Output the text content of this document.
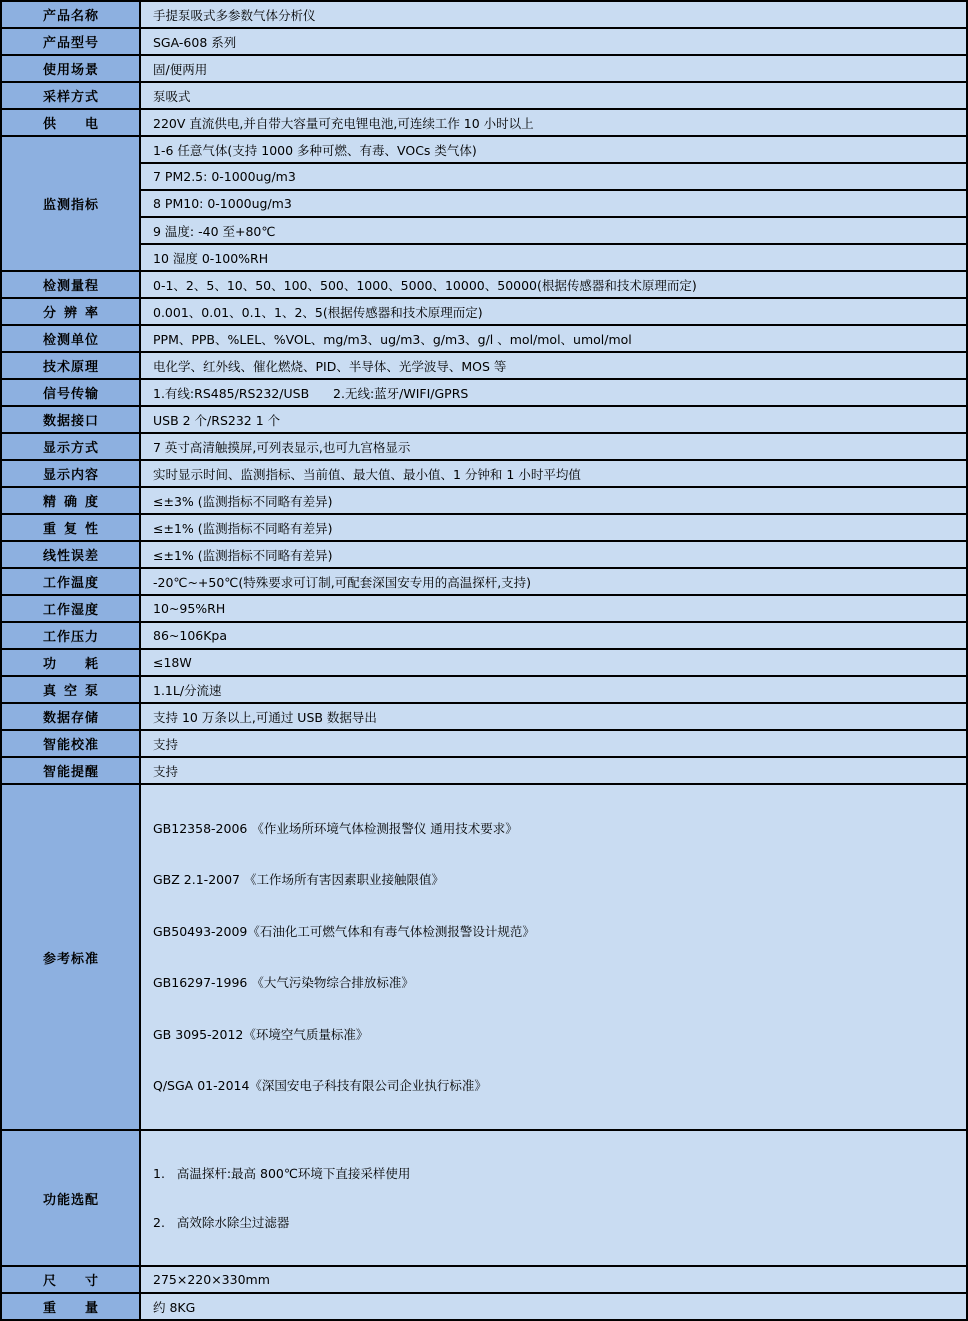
产品名称	手提泵吸式多参数气体分析仪
产品型号	SGA-608 系列
使用场景	固/便两用
采样方式	泵吸式
供电	220V 直流供电,并自带大容量可充电锂电池,可连续工作 10 小时以上
监测指标	1-6 任意气体(支持 1000 多种可燃、有毒、VOCs 类气体)
	7 PM2.5: 0-1000ug/m3
	8 PM10: 0-1000ug/m3
	9 温度: -40 至+80℃
	10 湿度 0-100%RH
检测量程	0-1、2、5、10、50、100、500、1000、5000、10000、50000(根据传感器和技术原理而定)
分辨率	0.001、0.01、0.1、1、2、5(根据传感器和技术原理而定)
检测单位	PPM、PPB、%LEL、%VOL、mg/m3、ug/m3、g/m3、g/l 、mol/mol、umol/mol
技术原理	电化学、红外线、催化燃烧、PID、半导体、光学波导、MOS 等
信号传输	1.有线:RS485/RS232/USB      2.无线:蓝牙/WIFI/GPRS
数据接口	USB 2 个/RS232 1 个
显示方式	7 英寸高清触摸屏,可列表显示,也可九宫格显示
显示内容	实时显示时间、监测指标、当前值、最大值、最小值、1 分钟和 1 小时平均值
精确度	≤±3% (监测指标不同略有差异)
重复性	≤±1% (监测指标不同略有差异)
线性误差	≤±1% (监测指标不同略有差异)
工作温度	-20℃~+50℃(特殊要求可订制,可配套深国安专用的高温探杆,支持)
工作湿度	10~95%RH
工作压力	86~106Kpa
功耗	≤18W
真空泵	1.1L/分流速
数据存储	支持 10 万条以上,可通过 USB 数据导出
智能校准	支持
智能提醒	支持
参考标准	

GB12358-2006 《作业场所环境气体检测报警仪 通用技术要求》

GBZ 2.1-2007 《工作场所有害因素职业接触限值》

GB50493-2009《石油化工可燃气体和有毒气体检测报警设计规范》

GB16297-1996 《大气污染物综合排放标准》

GB 3095-2012《环境空气质量标准》

Q/SGA 01-2014《深国安电子科技有限公司企业执行标准》

功能选配	1.   高温探杆:最高 800℃环境下直接采样使用

2.   高效除水除尘过滤器

尺寸	275×220×330mm
重量	约 8KG
